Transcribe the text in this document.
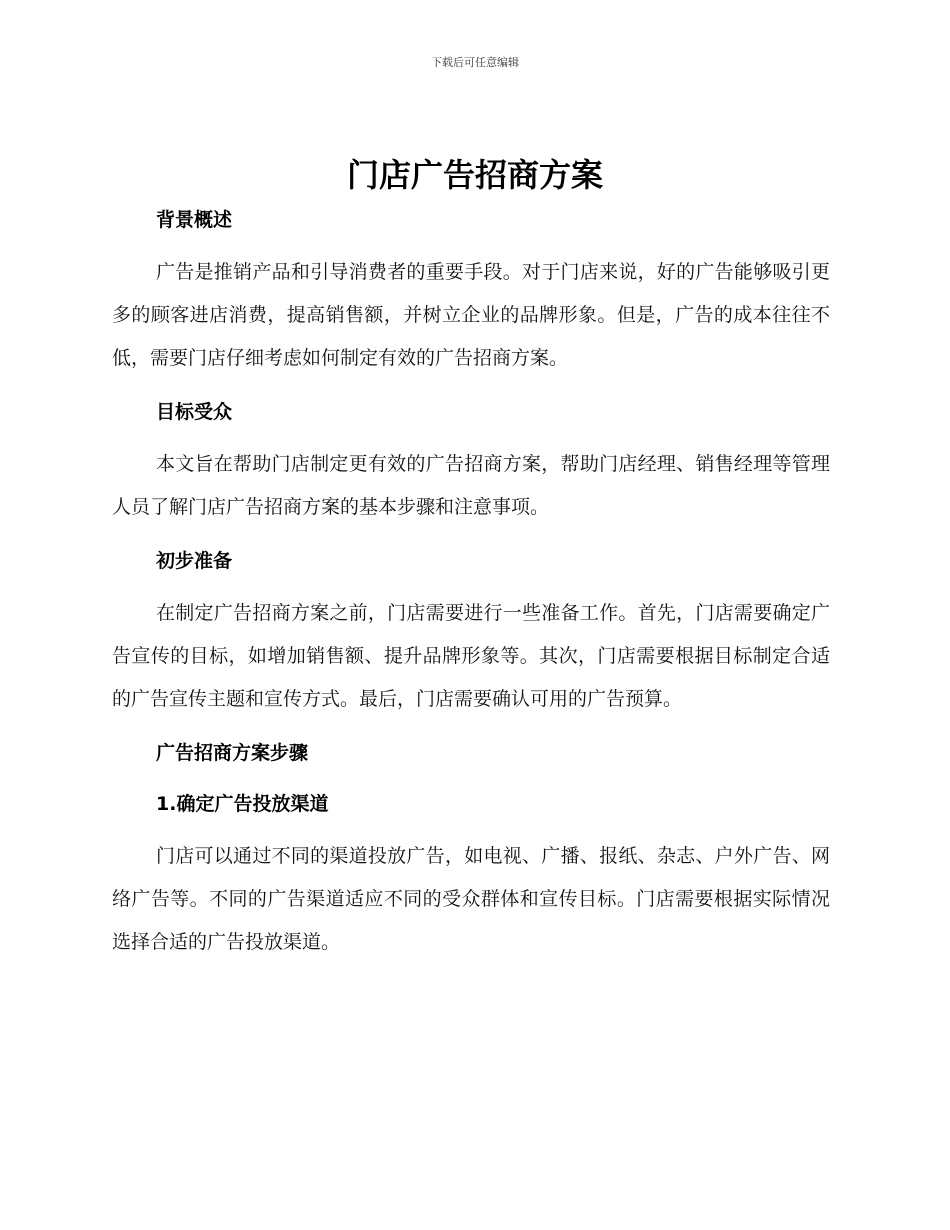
下载后可任意编辑
门店广告招商方案
背景概述

广告是推销产品和引导消费者的重要手段。对于门店来说，好的广告能够吸引更多的顾客进店消费，提高销售额，并树立企业的品牌形象。但是，广告的成本往往不低，需要门店仔细考虑如何制定有效的广告招商方案。

目标受众

本文旨在帮助门店制定更有效的广告招商方案，帮助门店经理、销售经理等管理人员了解门店广告招商方案的基本步骤和注意事项。

初步准备

在制定广告招商方案之前，门店需要进行一些准备工作。首先，门店需要确定广告宣传的目标，如增加销售额、提升品牌形象等。其次，门店需要根据目标制定合适的广告宣传主题和宣传方式。最后，门店需要确认可用的广告预算。

广告招商方案步骤
1.确定广告投放渠道

门店可以通过不同的渠道投放广告，如电视、广播、报纸、杂志、户外广告、网络广告等。不同的广告渠道适应不同的受众群体和宣传目标。门店需要根据实际情况选择合适的广告投放渠道。
